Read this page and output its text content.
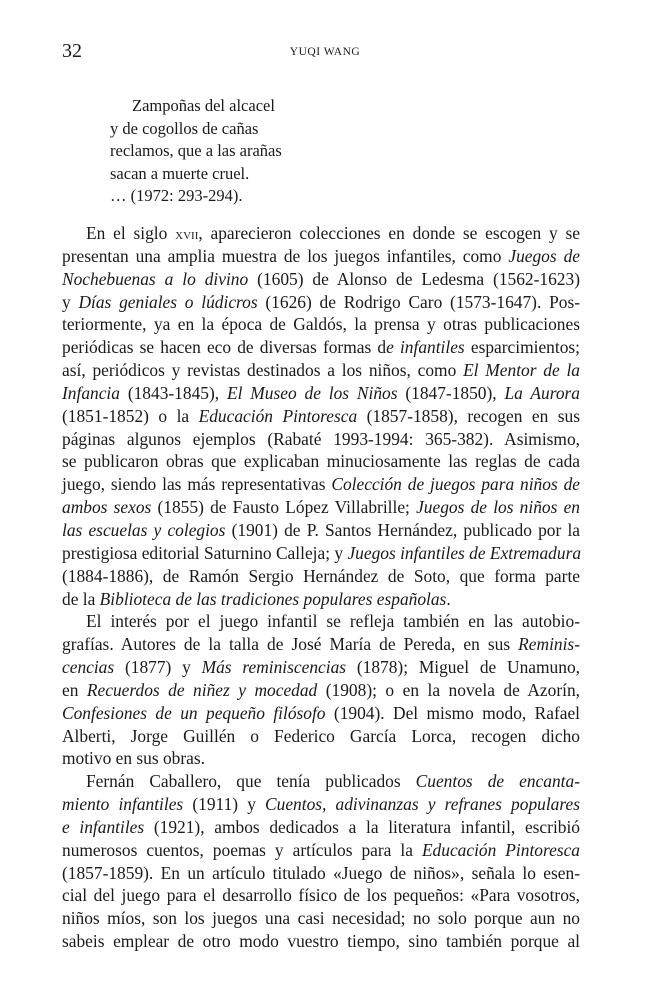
32	YUQI WANG
Zampoñas del alcacel
y de cogollos de cañas
reclamos, que a las arañas
sacan a muerte cruel.
… (1972: 293-294).
En el siglo xvii, aparecieron colecciones en donde se escogen y se
presentan una amplia muestra de los juegos infantiles, como Juegos de
Nochebuenas a lo divino (1605) de Alonso de Ledesma (1562-1623)
y Días geniales o lúdicros (1626) de Rodrigo Caro (1573-1647). Pos-
teriormente, ya en la época de Galdós, la prensa y otras publicaciones
periódicas se hacen eco de diversas formas de infantiles esparcimientos;
así, periódicos y revistas destinados a los niños, como El Mentor de la
Infancia (1843-1845), El Museo de los Niños (1847-1850), La Aurora
(1851-1852) o la Educación Pintoresca (1857-1858), recogen en sus
páginas algunos ejemplos (Rabaté 1993-1994: 365-382). Asimismo,
se publicaron obras que explicaban minuciosamente las reglas de cada
juego, siendo las más representativas Colección de juegos para niños de
ambos sexos (1855) de Fausto López Villabrille; Juegos de los niños en
las escuelas y colegios (1901) de P. Santos Hernández, publicado por la
prestigiosa editorial Saturnino Calleja; y Juegos infantiles de Extremadura
(1884-1886), de Ramón Sergio Hernández de Soto, que forma parte
de la Biblioteca de las tradiciones populares españolas.
El interés por el juego infantil se refleja también en las autobio-
grafías. Autores de la talla de José María de Pereda, en sus Reminis-
cencias (1877) y Más reminiscencias (1878); Miguel de Unamuno,
en Recuerdos de niñez y mocedad (1908); o en la novela de Azorín,
Confesiones de un pequeño filósofo (1904). Del mismo modo, Rafael
Alberti, Jorge Guillén o Federico García Lorca, recogen dicho
motivo en sus obras.
Fernán Caballero, que tenía publicados Cuentos de encanta-
miento infantiles (1911) y Cuentos, adivinanzas y refranes populares
e infantiles (1921), ambos dedicados a la literatura infantil, escribió
numerosos cuentos, poemas y artículos para la Educación Pintoresca
(1857-1859). En un artículo titulado «Juego de niños», señala lo esen-
cial del juego para el desarrollo físico de los pequeños: «Para vosotros,
niños míos, son los juegos una casi necesidad; no solo porque aun no
sabeis emplear de otro modo vuestro tiempo, sino también porque al
